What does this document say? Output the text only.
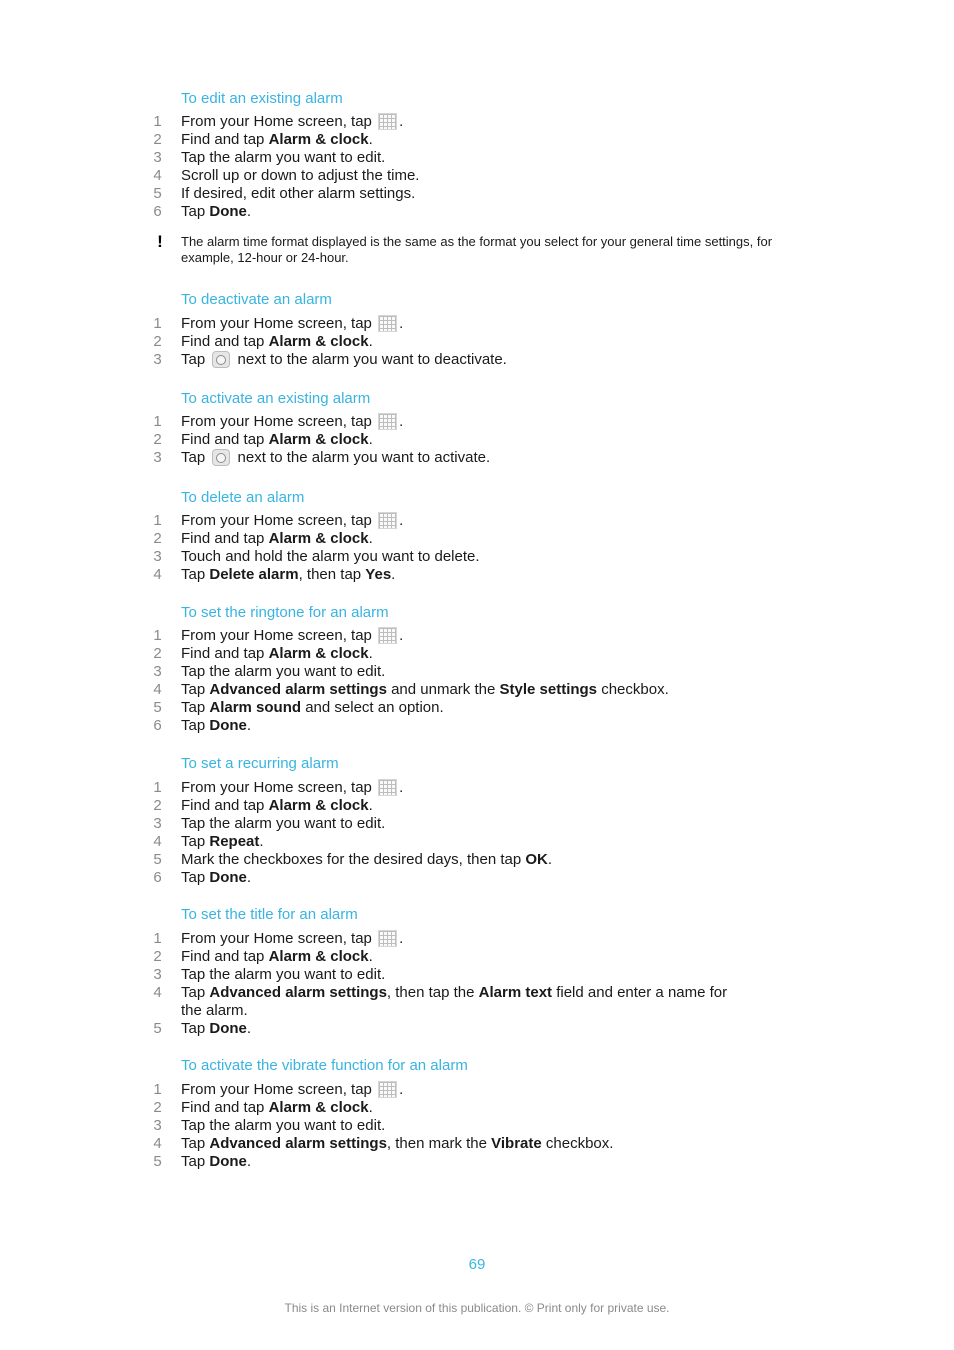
! The alarm time format displayed is the same as the format you select for your general time settings, for example, 12-hour or 24-hour.
69
This is an Internet version of this publication. © Print only for private use.
To edit an existing alarm
1 From your Home screen, tap .
2 Find and tap Alarm & clock.
3 Tap the alarm you want to edit.
4 Scroll up or down to adjust the time.
5 If desired, edit other alarm settings.
6 Tap Done.
To deactivate an alarm
1 From your Home screen, tap .
2 Find and tap Alarm & clock.
3 Tap  next to the alarm you want to deactivate.
To activate an existing alarm
1 From your Home screen, tap .
2 Find and tap Alarm & clock.
3 Tap  next to the alarm you want to activate.
To delete an alarm
1 From your Home screen, tap .
2 Find and tap Alarm & clock.
3 Touch and hold the alarm you want to delete.
4 Tap Delete alarm, then tap Yes.
To set the ringtone for an alarm
1 From your Home screen, tap .
2 Find and tap Alarm & clock.
3 Tap the alarm you want to edit.
4 Tap Advanced alarm settings and unmark the Style settings checkbox.
5 Tap Alarm sound and select an option.
6 Tap Done.
To set a recurring alarm
1 From your Home screen, tap .
2 Find and tap Alarm & clock.
3 Tap the alarm you want to edit.
4 Tap Repeat.
5 Mark the checkboxes for the desired days, then tap OK.
6 Tap Done.
To set the title for an alarm
1 From your Home screen, tap .
2 Find and tap Alarm & clock.
3 Tap the alarm you want to edit.
4 Tap Advanced alarm settings, then tap the Alarm text field and enter a name for the alarm.
5 Tap Done.
To activate the vibrate function for an alarm
1 From your Home screen, tap .
2 Find and tap Alarm & clock.
3 Tap the alarm you want to edit.
4 Tap Advanced alarm settings, then mark the Vibrate checkbox.
5 Tap Done.
